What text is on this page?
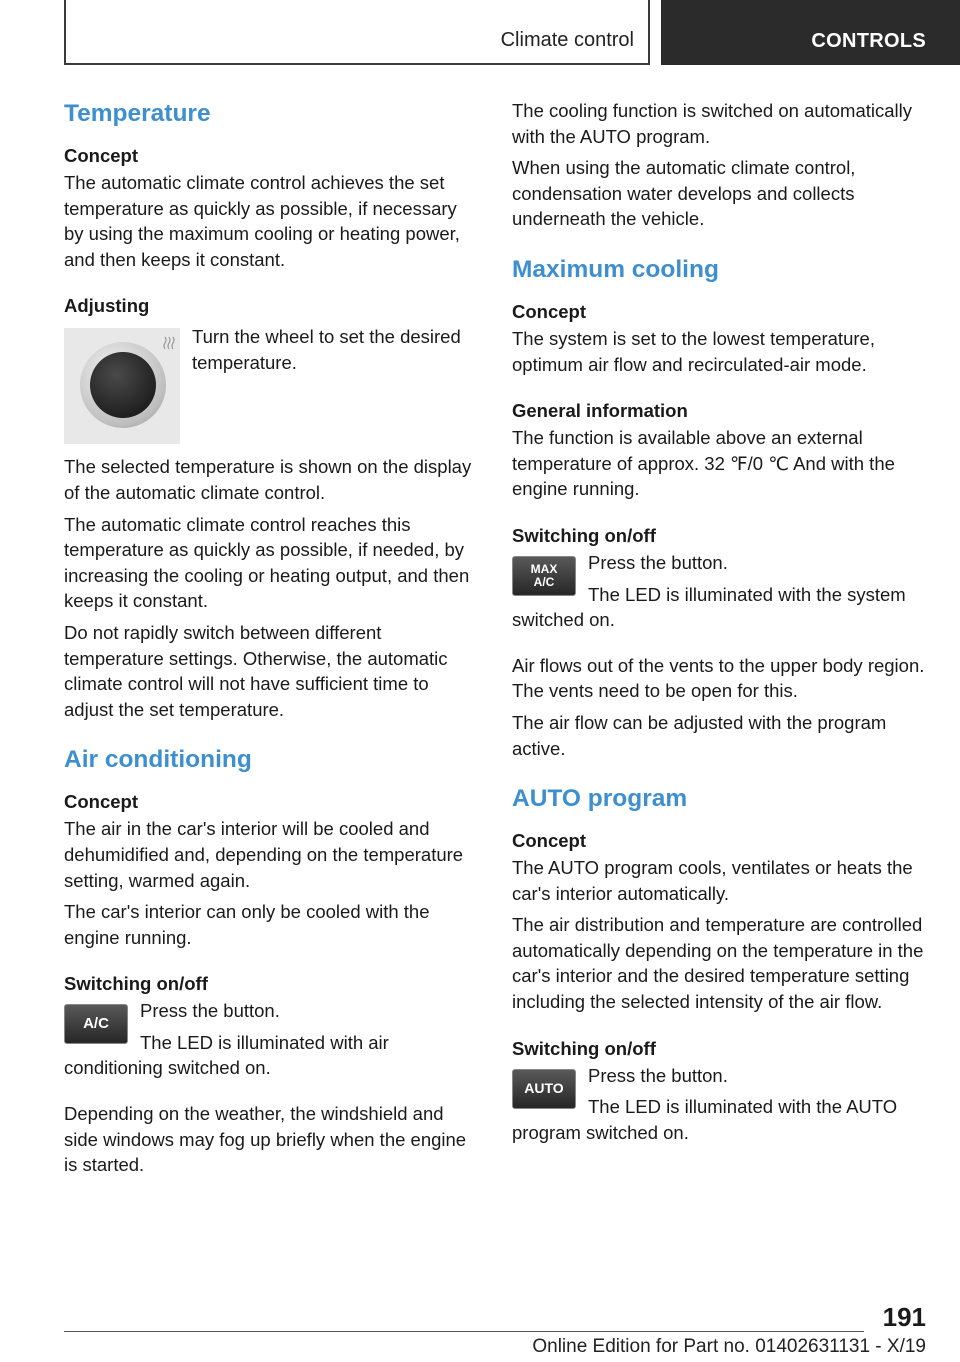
Climate control	CONTROLS
Temperature
Concept

The automatic climate control achieves the set temperature as quickly as possible, if necessary by using the maximum cooling or heating power, and then keeps it constant.

Adjusting

Turn the wheel to set the desired temperature.

The selected temperature is shown on the display of the automatic climate control.

The automatic climate control reaches this temperature as quickly as possible, if needed, by increasing the cooling or heating output, and then keeps it constant.

Do not rapidly switch between different temperature settings. Otherwise, the automatic climate control will not have sufficient time to adjust the set temperature.

Air conditioning
Concept

The air in the car's interior will be cooled and dehumidified and, depending on the temperature setting, warmed again.

The car's interior can only be cooled with the engine running.

Switching on/off
A/C

Press the button.

The LED is illuminated with air conditioning switched on.

Depending on the weather, the windshield and side windows may fog up briefly when the engine is started.

The cooling function is switched on automatically with the AUTO program.

When using the automatic climate control, condensation water develops and collects underneath the vehicle.

Maximum cooling
Concept

The system is set to the lowest temperature, optimum air flow and recirculated-air mode.

General information

The function is available above an external temperature of approx. 32 ℉/0 ℃ And with the engine running.

Switching on/off
MAX
A/C

Press the button.

The LED is illuminated with the system switched on.

Air flows out of the vents to the upper body region. The vents need to be open for this.

The air flow can be adjusted with the program active.

AUTO program
Concept

The AUTO program cools, ventilates or heats the car's interior automatically.

The air distribution and temperature are controlled automatically depending on the temperature in the car's interior and the desired temperature setting including the selected intensity of the air flow.

Switching on/off
AUTO

Press the button.

The LED is illuminated with the AUTO program switched on.

191
Online Edition for Part no. 01402631131 - X/19
